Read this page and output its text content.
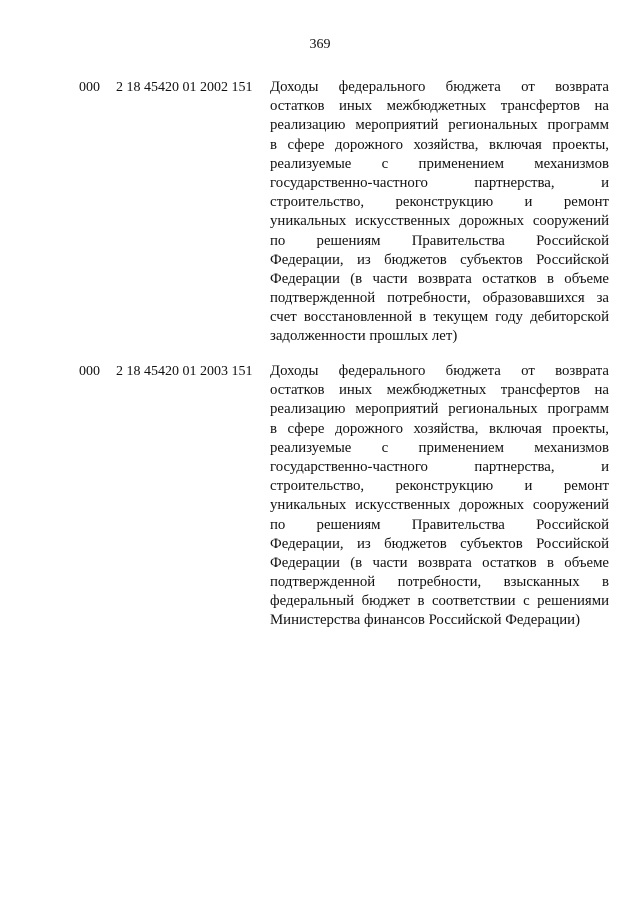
369
000 2 18 45420 01 2002 151 Доходы федерального бюджета от возврата
остатков иных межбюджетных трансфертов на
реализацию мероприятий региональных программ
в сфере дорожного хозяйства, включая проекты,
реализуемые с применением механизмов
государственно-частного партнерства, и
строительство, реконструкцию и ремонт
уникальных искусственных дорожных сооружений
по решениям Правительства Российской
Федерации, из бюджетов субъектов Российской
Федерации (в части возврата остатков в объеме
подтвержденной потребности, образовавшихся за
счет восстановленной в текущем году дебиторской
задолженности прошлых лет)
000 2 18 45420 01 2003 151 Доходы федерального бюджета от возврата
остатков иных межбюджетных трансфертов на
реализацию мероприятий региональных программ
в сфере дорожного хозяйства, включая проекты,
реализуемые с применением механизмов
государственно-частного партнерства, и
строительство, реконструкцию и ремонт
уникальных искусственных дорожных сооружений
по решениям Правительства Российской
Федерации, из бюджетов субъектов Российской
Федерации (в части возврата остатков в объеме
подтвержденной потребности, взысканных в
федеральный бюджет в соответствии с решениями
Министерства финансов Российской Федерации)
